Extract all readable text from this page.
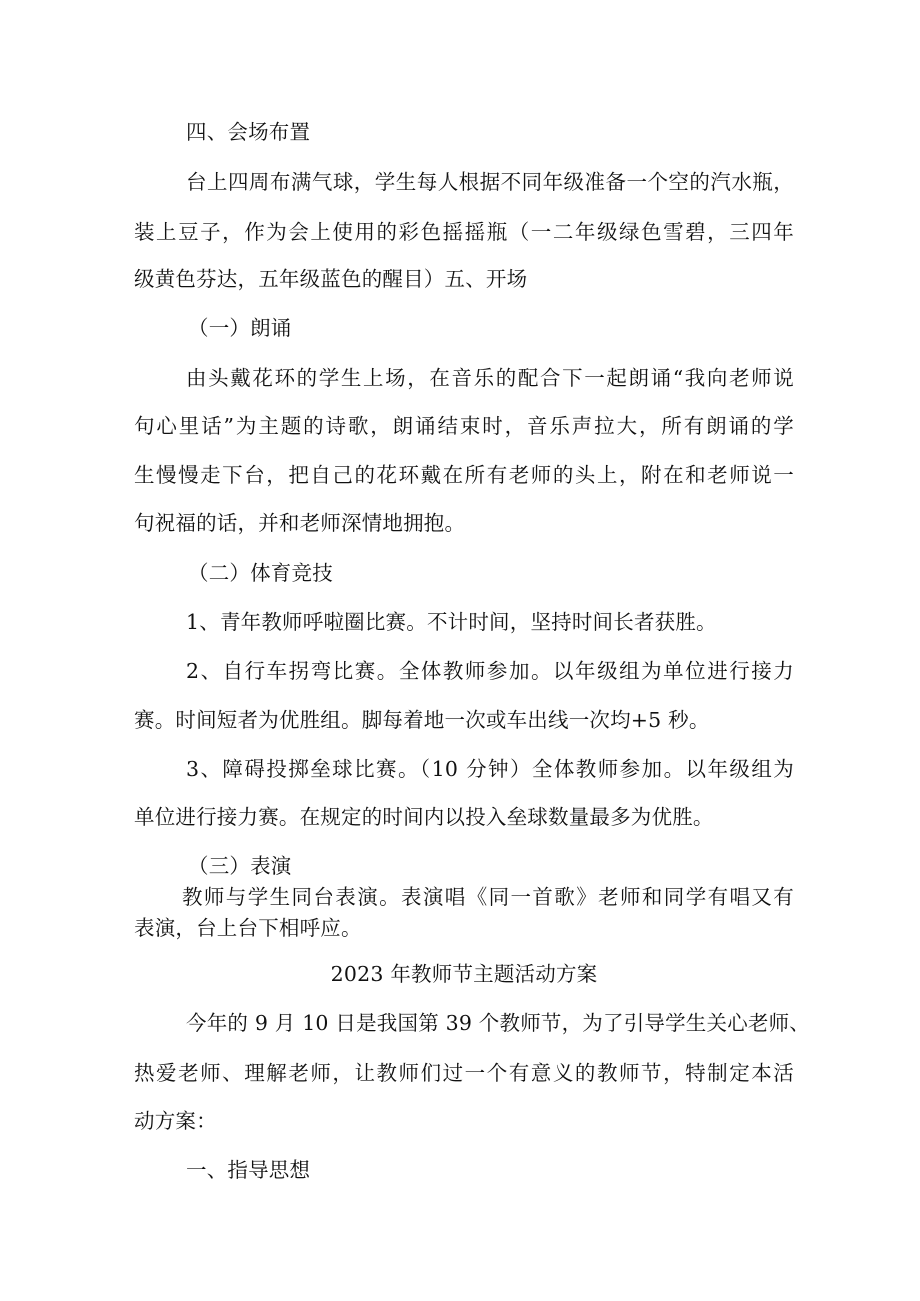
四、会场布置
台上四周布满气球，学生每人根据不同年级准备一个空的汽水瓶，
装上豆子，作为会上使用的彩色摇摇瓶（一二年级绿色雪碧，三四年
级黄色芬达，五年级蓝色的醒目）五、开场
（一）朗诵
由头戴花环的学生上场，在音乐的配合下一起朗诵“我向老师说
句心里话”为主题的诗歌，朗诵结束时，音乐声拉大，所有朗诵的学
生慢慢走下台，把自己的花环戴在所有老师的头上，附在和老师说一
句祝福的话，并和老师深情地拥抱。
（二）体育竞技
1、青年教师呼啦圈比赛。不计时间，坚持时间长者获胜。
2、自行车拐弯比赛。全体教师参加。以年级组为单位进行接力
赛。时间短者为优胜组。脚每着地一次或车出线一次均+5 秒。
3、障碍投掷垒球比赛。（10 分钟）全体教师参加。以年级组为
单位进行接力赛。在规定的时间内以投入垒球数量最多为优胜。
（三）表演
教师与学生同台表演。表演唱《同一首歌》老师和同学有唱又有
表演，台上台下相呼应。
2023 年教师节主题活动方案
今年的 9 月 10 日是我国第 39 个教师节，为了引导学生关心老师、
热爱老师、理解老师，让教师们过一个有意义的教师节，特制定本活
动方案：
一、指导思想
